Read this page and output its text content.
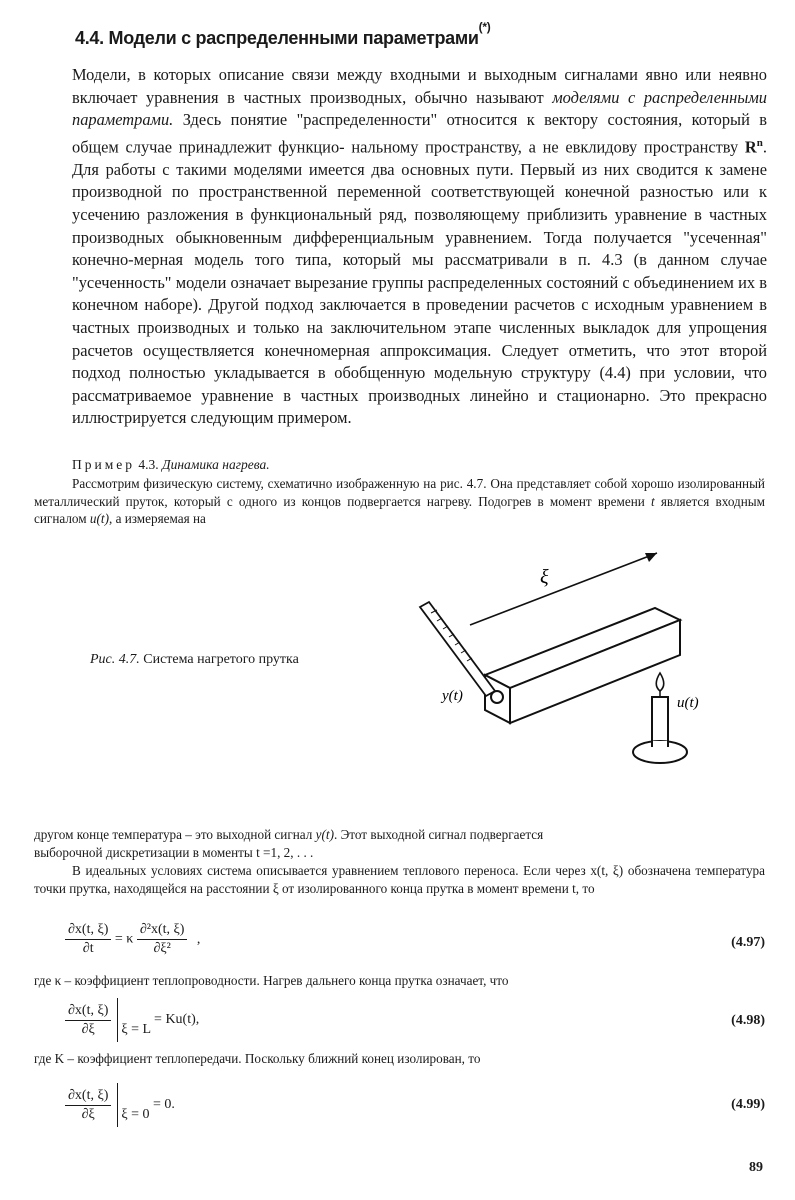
4.4. Модели с распределенными параметрами(*)
Модели, в которых описание связи между входными и выходным сигналами явно или неявно включает уравнения в частных производных, обычно называют моделями с распределенными параметрами. Здесь понятие "распределенности" относится к вектору состояния, который в общем случае принадлежит функцио- нальному пространству, а не евклидову пространству $R^n$. Для работы с такими моделями имеется два основных пути. Первый из них сводится к замене производной по пространственной переменной соответствующей конечной разностью или к усечению разложения в функциональный ряд, позволяющему приблизить уравнение в частных производных обыкновенным дифференциальным уравнением. Тогда получается "усеченная" конечно-мерная модель того типа, который мы рассматривали в п. 4.3 (в данном случае "усеченность" модели означает вырезание группы распределенных состояний с объединением их в конечном наборе). Другой подход заключается в проведении расчетов с исходным уравнением в частных производных и только на заключительном этапе численных выкладок для упрощения расчетов осуществляется конечномерная аппроксимация. Следует отметить, что этот второй подход полностью укладывается в обобщенную модельную структуру (4.4) при условии, что рассматриваемое уравнение в частных производных линейно и стационарно. Это прекрасно иллюстрируется следующим примером.
Пример 4.3. Динамика нагрева.
Рассмотрим физическую систему, схематично изображенную на рис. 4.7. Она представляет собой хорошо изолированный металлический пруток, который с одного из концов подвергается нагреву. Подогрев в момент времени t является входным сигналом u(t), а измеряемая на
Рис. 4.7. Система нагретого прутка
ξ
y(t)	u(t)
другом конце температура – это выходной сигнал y(t). Этот выходной сигнал подвергается
выборочной дискретизации в моменты t =1, 2, . . .
В идеальных условиях система описывается уравнением теплового переноса. Если через x(t, ξ) обозначена температура точки прутка, находящейся на расстоянии ξ от изолированного конца прутка в момент времени t, то
$\frac{\partial x(t, \xi)}{\partial t} = \kappa \frac{\text{∂²x(t, ξ)}}{\text{∂ξ²}}$ ,	(4.97)
где κ – коэффициент теплопроводности. Нагрев дальнего конца прутка означает, что
$\frac{\partial x(t, \xi)}{\partial\xi}$ ξ = L = Ku(t),	(4.98)
где K – коэффициент теплопередачи. Поскольку ближний конец изолирован, то
$\frac{\partial x(t, \xi)}{\partial\xi}$ ξ = 0 = 0.	(4.99)
89
